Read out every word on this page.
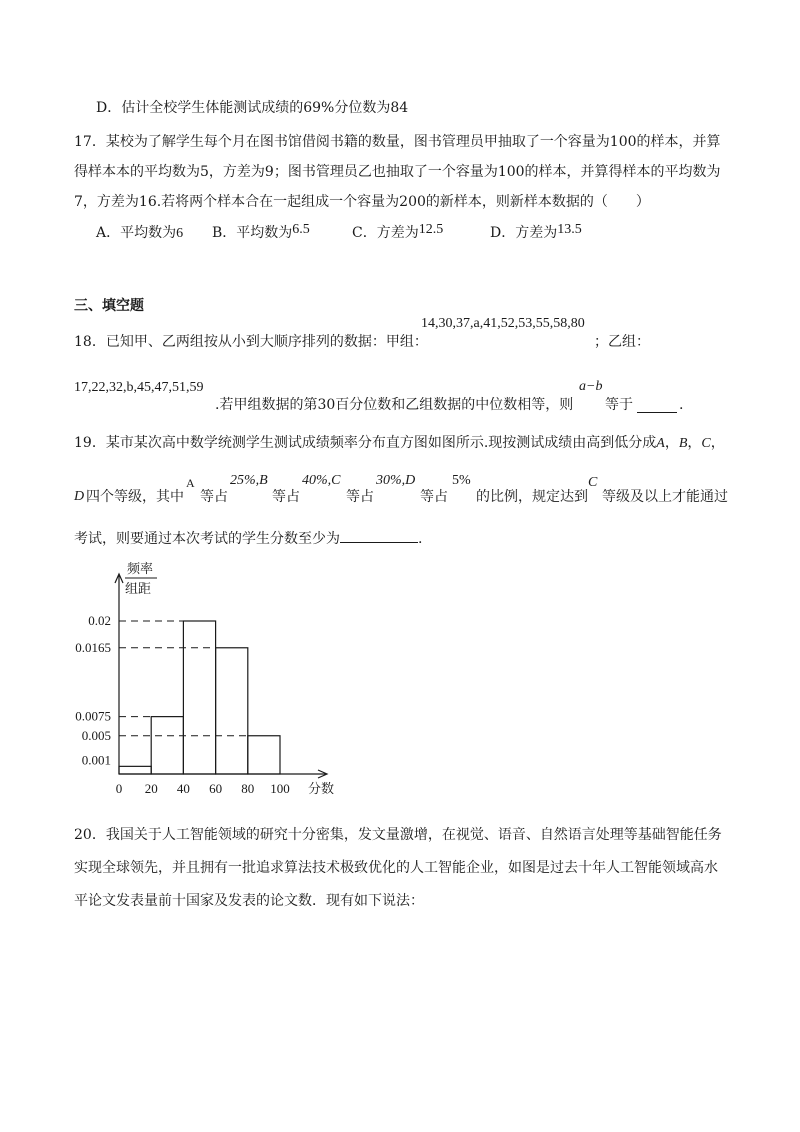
D．估计全校学生体能测试成绩的69%分位数为84
17．某校为了解学生每个月在图书馆借阅书籍的数量，图书管理员甲抽取了一个容量为100的样本，并算
得样本本的平均数为5，方差为9；图书管理员乙也抽取了一个容量为100的样本，并算得样本的平均数为
7，方差为16.若将两个样本合在一起组成一个容量为200的新样本，则新样本数据的（　　）
A．平均数为6 B．平均数为6.5	C．方差为12.5	D．方差为13.5
三、填空题
18．已知甲、乙两组按从小到大顺序排列的数据：甲组：
14,30,37,a,41,52,53,55,58,80
；乙组：
17,22,32,b,45,47,51,59
.若甲组数据的第30百分位数和乙组数据的中位数相等，则
a−b
等于	.
19．某市某次高中数学统测学生测试成绩频率分布直方图如图所示.现按测试成绩由高到低分成A，B，C，
D 四个等级，其中
A
等占
25%,B
等占
40%,C
等占
30%,D
等占
5%
的比例，规定达到
C
等级及以上才能通过
考试，则要通过本次考试的学生分数至少为	.
频率
组距
0.02
0.0165
0.0075
0.005
0.001
0 20 40 60 80 100 分数
20．我国关于人工智能领域的研究十分密集，发文量激增，在视觉、语音、自然语言处理等基础智能任务
实现全球领先，并且拥有一批追求算法技术极致优化的人工智能企业，如图是过去十年人工智能领域高水
平论文发表量前十国家及发表的论文数．现有如下说法：
